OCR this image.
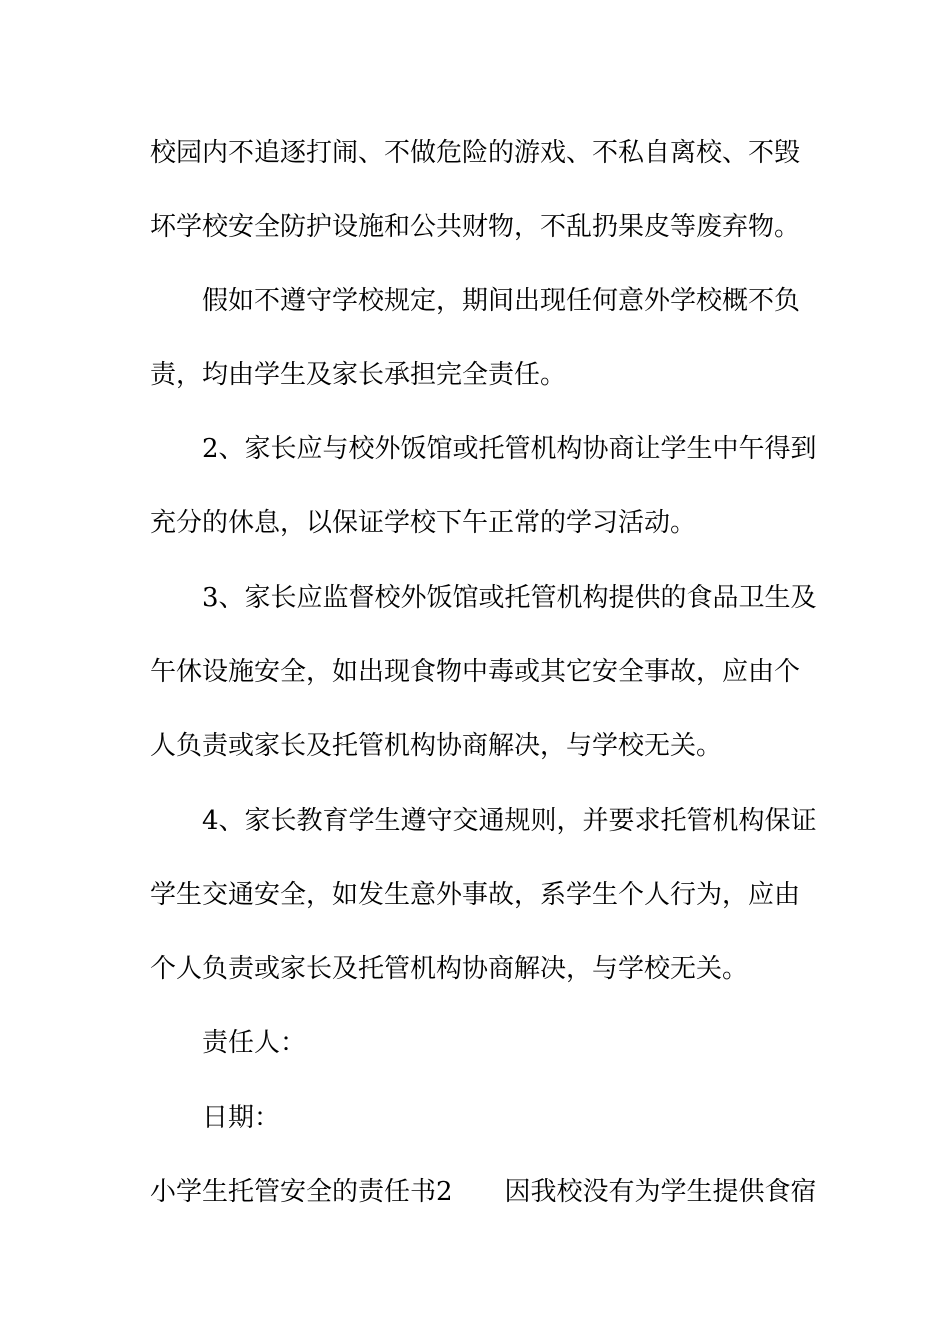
校园内不追逐打闹、不做危险的游戏、不私自离校、不毁
坏学校安全防护设施和公共财物，不乱扔果皮等废弃物。
假如不遵守学校规定，期间出现任何意外学校概不负
责，均由学生及家长承担完全责任。
2、家长应与校外饭馆或托管机构协商让学生中午得到
充分的休息，以保证学校下午正常的学习活动。
3、家长应监督校外饭馆或托管机构提供的食品卫生及
午休设施安全，如出现食物中毒或其它安全事故，应由个
人负责或家长及托管机构协商解决，与学校无关。
4、家长教育学生遵守交通规则，并要求托管机构保证
学生交通安全，如发生意外事故，系学生个人行为，应由
个人负责或家长及托管机构协商解决，与学校无关。
责任人：
日期：
小学生托管安全的责任书2　　因我校没有为学生提供食宿
